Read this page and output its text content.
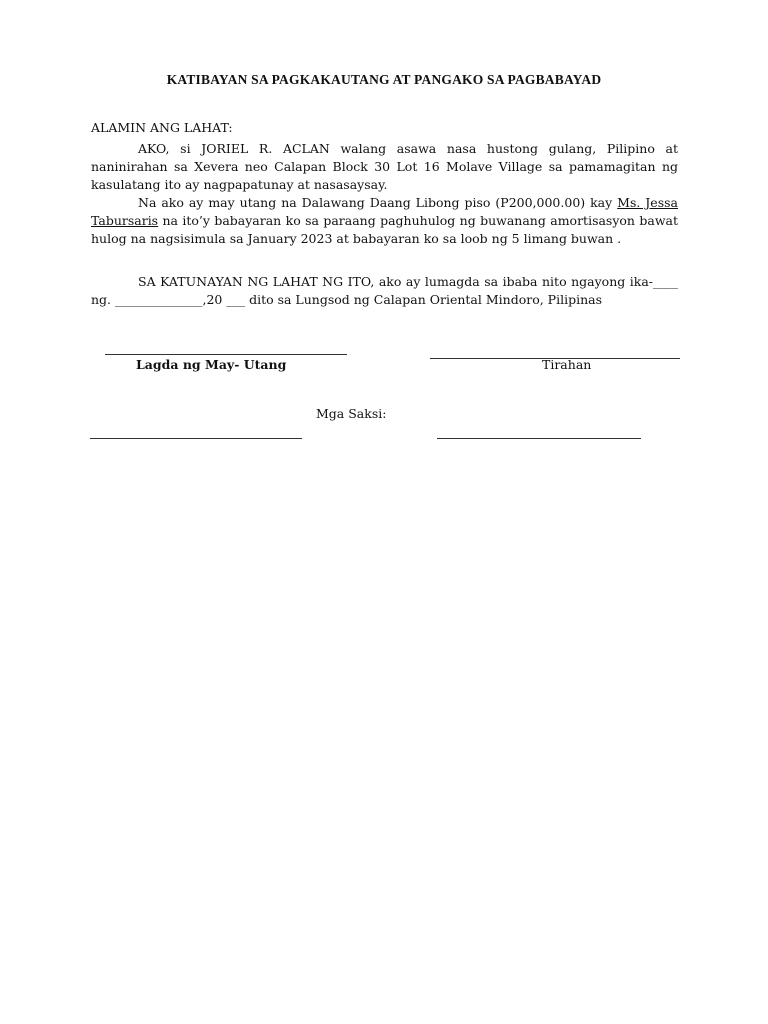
KATIBAYAN SA PAGKAKAUTANG AT PANGAKO SA PAGBABAYAD
ALAMIN ANG LAHAT:
AKO, si JORIEL R. ACLAN walang asawa nasa hustong gulang, Pilipino at naninirahan sa Xevera neo Calapan Block 30 Lot 16 Molave Village sa pamamagitan ng kasulatang ito ay nagpapatunay at nasasaysay.
Na ako ay may utang na Dalawang Daang Libong piso (P200,000.00) kay Ms. Jessa Tabursaris na ito’y babayaran ko sa paraang paghuhulog ng buwanang amortisasyon bawat hulog na nagsisimula sa January 2023 at babayaran ko sa loob ng 5 limang buwan .
SA KATUNAYAN NG LAHAT NG ITO, ako ay lumagda sa ibaba nito ngayong ika-____ ng. ______________,20 ___ dito sa Lungsod ng Calapan Oriental Mindoro, Pilipinas
Lagda ng May- Utang	Tirahan
Mga Saksi:
